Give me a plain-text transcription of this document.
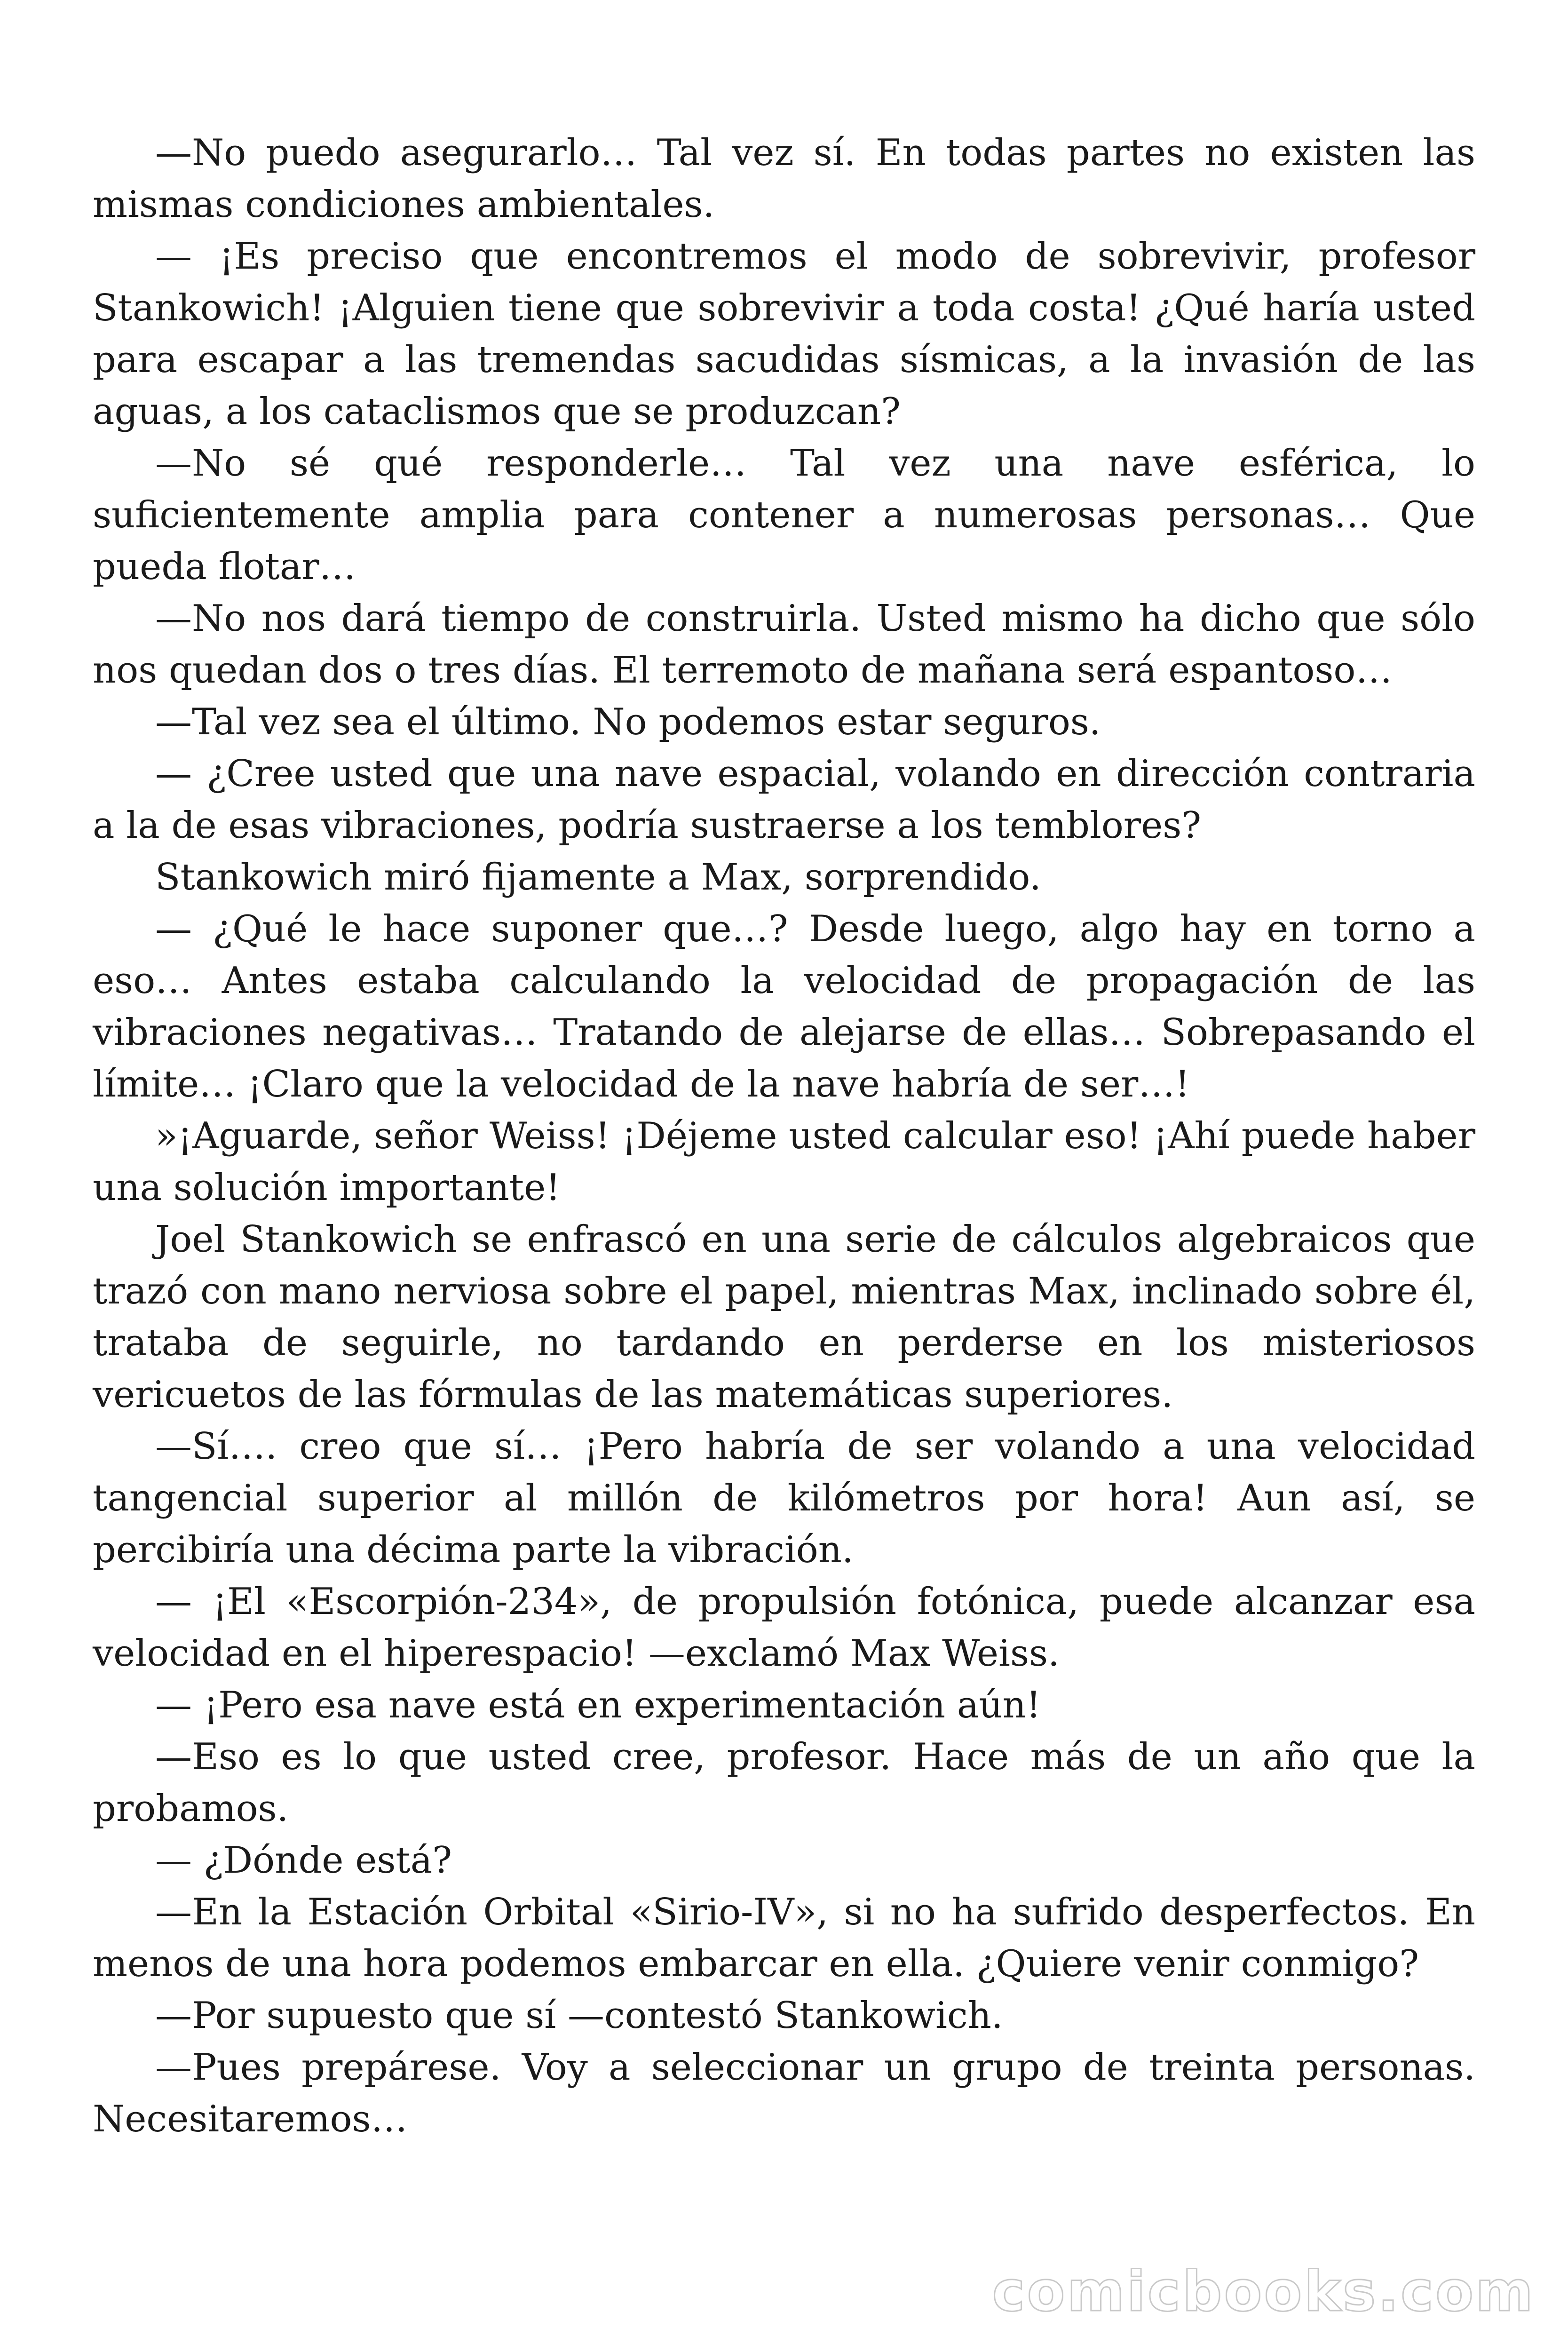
—No puedo asegurarlo… Tal vez sí. En todas partes no existen las mismas condiciones ambientales.

— ¡Es preciso que encontremos el modo de sobrevivir, profesor Stankowich! ¡Alguien tiene que sobrevivir a toda costa! ¿Qué haría usted para escapar a las tremendas sacudidas sísmicas, a la invasión de las aguas, a los cataclismos que se produzcan?

—No sé qué responderle… Tal vez una nave esférica, lo suficientemente amplia para contener a numerosas personas… Que pueda flotar…

—No nos dará tiempo de construirla. Usted mismo ha dicho que sólo nos quedan dos o tres días. El terremoto de mañana será espantoso…

—Tal vez sea el último. No podemos estar seguros.

— ¿Cree usted que una nave espacial, volando en dirección contraria a la de esas vibraciones, podría sustraerse a los temblores?

Stankowich miró fijamente a Max, sorprendido.

— ¿Qué le hace suponer que…? Desde luego, algo hay en torno a eso… Antes estaba calculando la velocidad de propagación de las vibraciones negativas… Tratando de alejarse de ellas… Sobrepasando el límite… ¡Claro que la velocidad de la nave habría de ser…!

»¡Aguarde, señor Weiss! ¡Déjeme usted calcular eso! ¡Ahí puede haber una solución importante!

Joel Stankowich se enfrascó en una serie de cálculos algebraicos que trazó con mano nerviosa sobre el papel, mientras Max, inclinado sobre él, trataba de seguirle, no tardando en perderse en los misteriosos vericuetos de las fórmulas de las matemáticas superiores.

—Sí…. creo que sí… ¡Pero habría de ser volando a una velocidad tangencial superior al millón de kilómetros por hora! Aun así, se percibiría una décima parte la vibración.

— ¡El «Escorpión-234», de propulsión fotónica, puede alcanzar esa velocidad en el hiperespacio! —exclamó Max Weiss.

— ¡Pero esa nave está en experimentación aún!

—Eso es lo que usted cree, profesor. Hace más de un año que la probamos.

— ¿Dónde está?

—En la Estación Orbital «Sirio-IV», si no ha sufrido desperfectos. En menos de una hora podemos embarcar en ella. ¿Quiere venir conmigo?

—Por supuesto que sí —contestó Stankowich.

—Pues prepárese. Voy a seleccionar un grupo de treinta personas. Necesitaremos…

comicbooks.com
